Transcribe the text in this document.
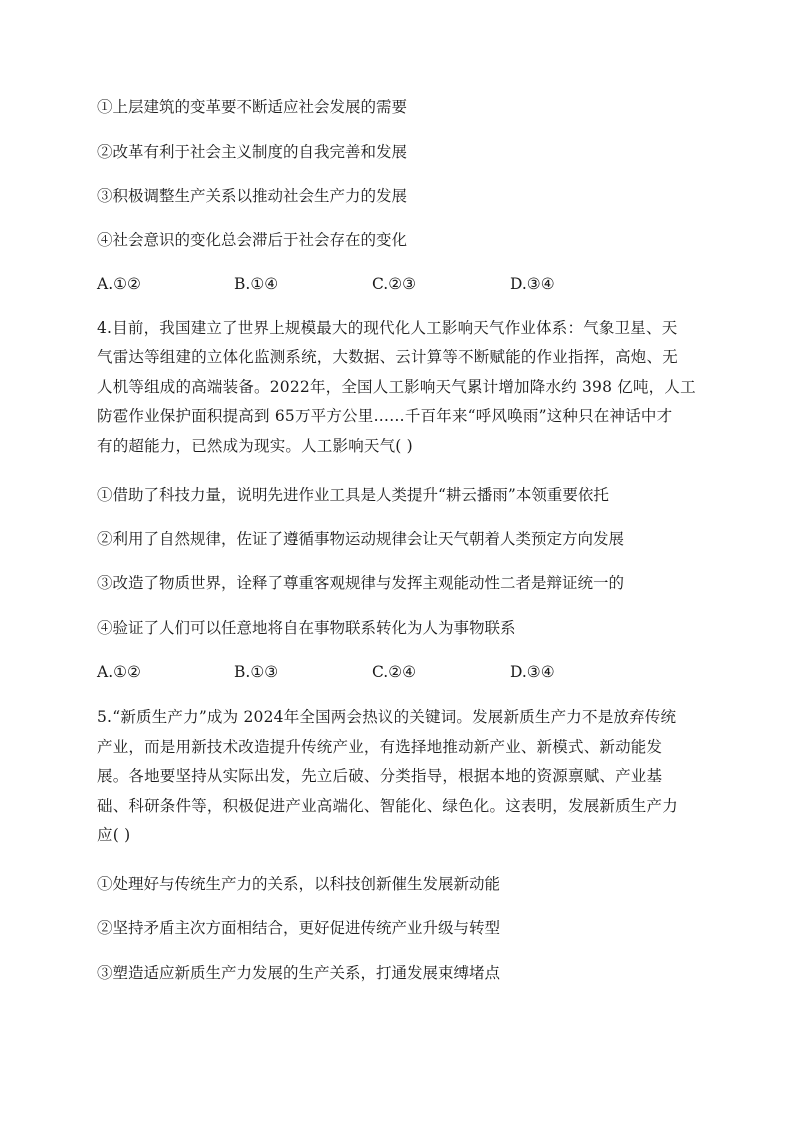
①上层建筑的变革要不断适应社会发展的需要
②改革有利于社会主义制度的自我完善和发展
③积极调整生产关系以推动社会生产力的发展
④社会意识的变化总会滞后于社会存在的变化
A.①②	B.①④	C.②③	D.③④
4.目前，我国建立了世界上规模最大的现代化人工影响天气作业体系：气象卫星、天
气雷达等组建的立体化监测系统，大数据、云计算等不断赋能的作业指挥，高炮、无
人机等组成的高端装备。2022年，全国人工影响天气累计增加降水约 398 亿吨，人工
防雹作业保护面积提高到 65万平方公里……千百年来“呼风唤雨”这种只在神话中才
有的超能力，已然成为现实。人工影响天气( )
①借助了科技力量，说明先进作业工具是人类提升“耕云播雨”本领重要依托
②利用了自然规律，佐证了遵循事物运动规律会让天气朝着人类预定方向发展
③改造了物质世界，诠释了尊重客观规律与发挥主观能动性二者是辩证统一的
④验证了人们可以任意地将自在事物联系转化为人为事物联系
A.①②	B.①③	C.②④	D.③④
5.“新质生产力”成为 2024年全国两会热议的关键词。发展新质生产力不是放弃传统
产业，而是用新技术改造提升传统产业，有选择地推动新产业、新模式、新动能发
展。各地要坚持从实际出发，先立后破、分类指导，根据本地的资源禀赋、产业基
础、科研条件等，积极促进产业高端化、智能化、绿色化。这表明，发展新质生产力
应( )
①处理好与传统生产力的关系，以科技创新催生发展新动能
②坚持矛盾主次方面相结合，更好促进传统产业升级与转型
③塑造适应新质生产力发展的生产关系，打通发展束缚堵点
